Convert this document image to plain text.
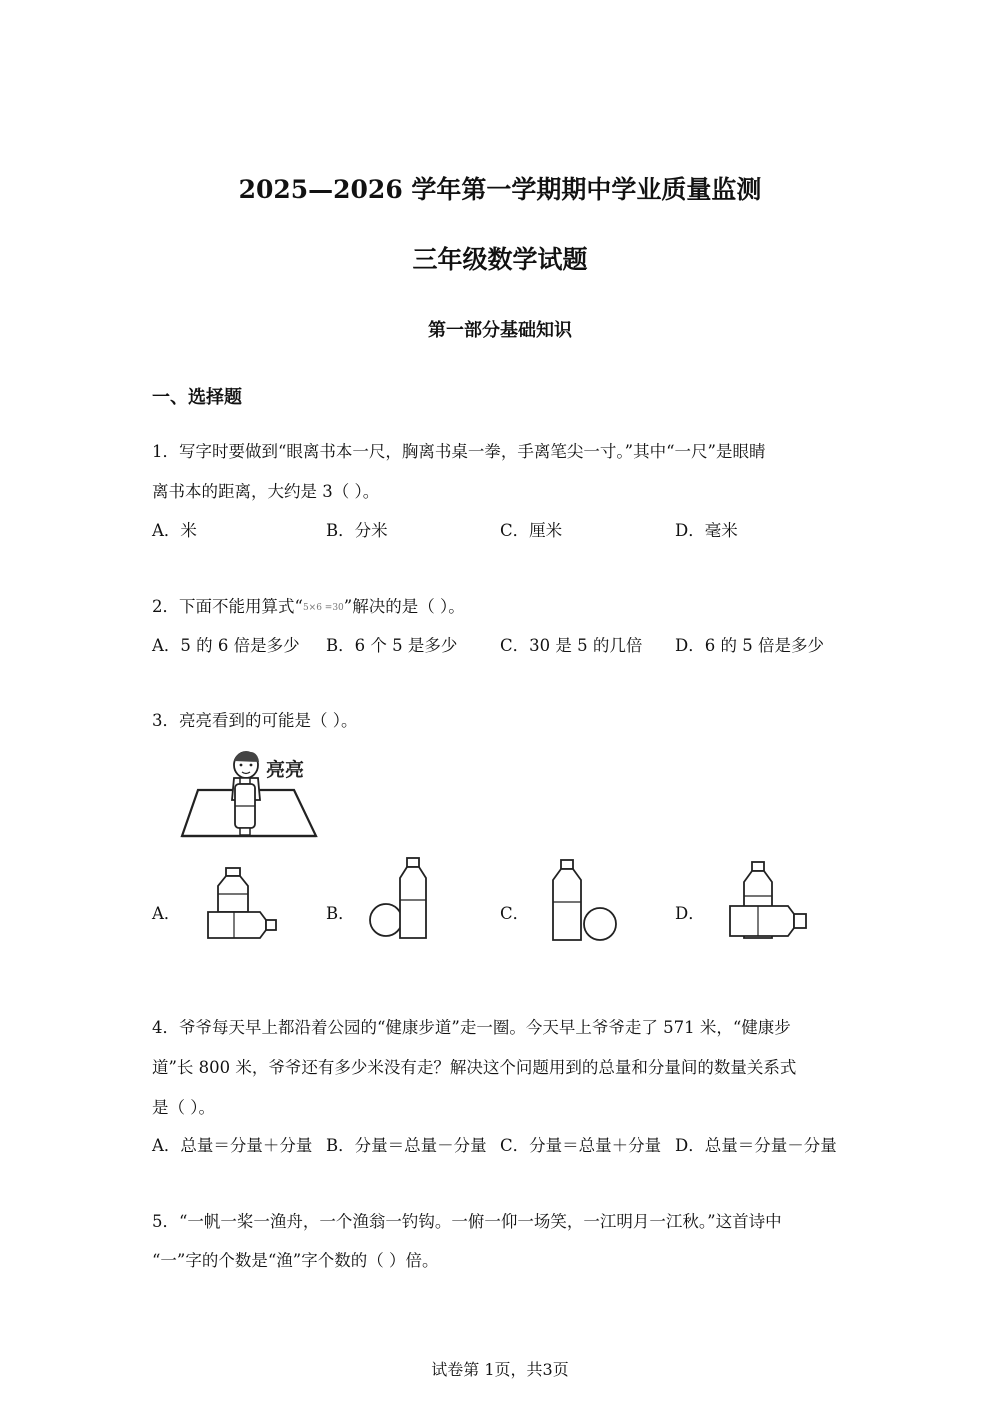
2025—2026 学年第一学期期中学业质量监测
三年级数学试题
第一部分基础知识
一、选择题
1．写字时要做到“眼离书本一尺，胸离书桌一拳，手离笔尖一寸。”其中“一尺”是眼睛
离书本的距离，大约是 3（ ）。
A．米	B．分米	C．厘米	D．毫米
2．下面不能用算式“5×6 =30”解决的是（ ）。
A．5 的 6 倍是多少 B．6 个 5 是多少	C．30 是 5 的几倍 D．6 的 5 倍是多少
3．亮亮看到的可能是（ ）。
亮亮
A．	B．	C．	D．
4．爷爷每天早上都沿着公园的“健康步道”走一圈。今天早上爷爷走了 571 米，“健康步
道”长 800 米，爷爷还有多少米没有走？解决这个问题用到的总量和分量间的数量关系式
是（ ）。
A．总量＝分量＋分量 B．分量＝总量－分量 C．分量＝总量＋分量 D．总量＝分量－分量
5．“一帆一桨一渔舟，一个渔翁一钓钩。一俯一仰一场笑，一江明月一江秋。”这首诗中
“一”字的个数是“渔”字个数的（ ）倍。
试卷第 1页，共3页
